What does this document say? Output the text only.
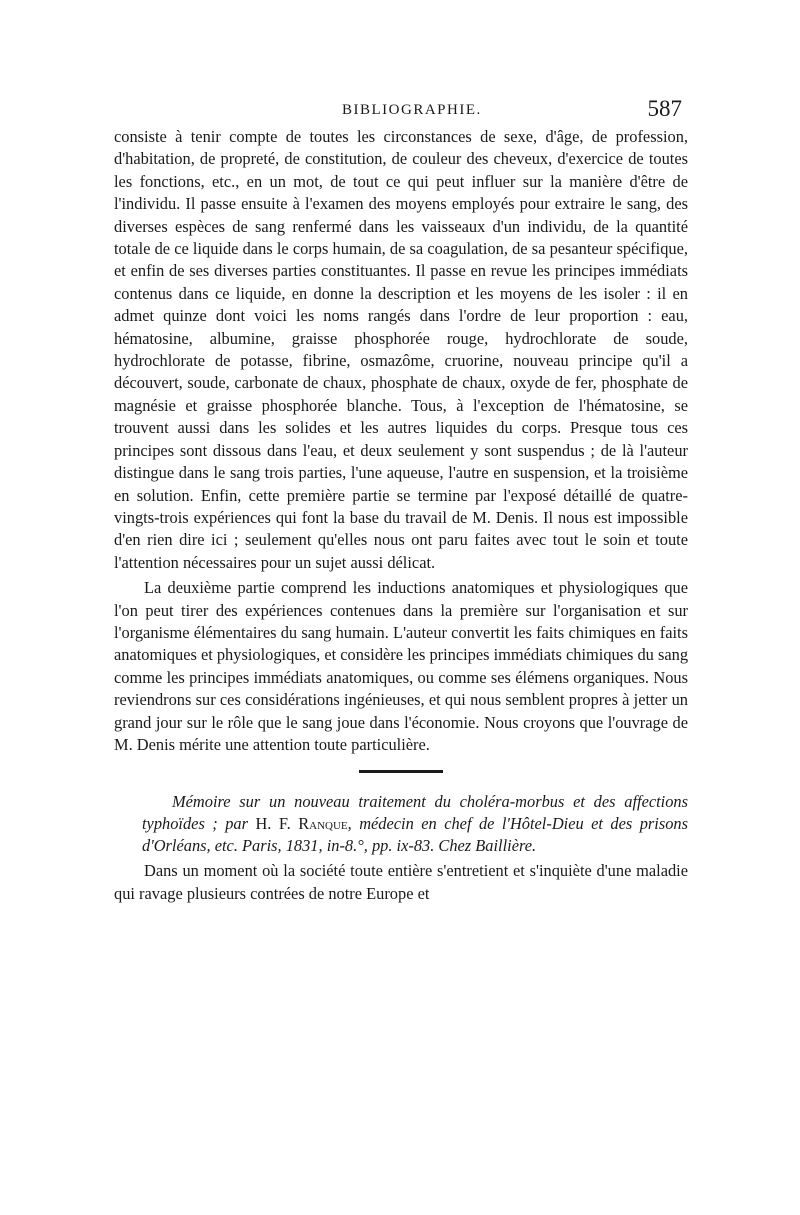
BIBLIOGRAPHIE.	587

consiste à tenir compte de toutes les circonstances de sexe, d'âge, de profession, d'habitation, de propreté, de constitution, de couleur des cheveux, d'exercice de toutes les fonctions, etc., en un mot, de tout ce qui peut influer sur la manière d'être de l'individu. Il passe ensuite à l'examen des moyens employés pour extraire le sang, des diverses espèces de sang renfermé dans les vaisseaux d'un individu, de la quantité totale de ce liquide dans le corps humain, de sa coagulation, de sa pesanteur spécifique, et enfin de ses diverses parties constituantes. Il passe en revue les principes immédiats contenus dans ce liquide, en donne la description et les moyens de les isoler : il en admet quinze dont voici les noms rangés dans l'ordre de leur proportion : eau, hématosine, albumine, graisse phosphorée rouge, hydrochlorate de soude, hydrochlorate de potasse, fibrine, osmazôme, cruorine, nouveau principe qu'il a découvert, soude, carbonate de chaux, phosphate de chaux, oxyde de fer, phosphate de magnésie et graisse phosphorée blanche. Tous, à l'exception de l'hématosine, se trouvent aussi dans les solides et les autres liquides du corps. Presque tous ces principes sont dissous dans l'eau, et deux seulement y sont suspendus ; de là l'auteur distingue dans le sang trois parties, l'une aqueuse, l'autre en suspension, et la troisième en solution. Enfin, cette première partie se termine par l'exposé détaillé de quatre-vingts-trois expériences qui font la base du travail de M. Denis. Il nous est impossible d'en rien dire ici ; seulement qu'elles nous ont paru faites avec tout le soin et toute l'attention nécessaires pour un sujet aussi délicat.

La deuxième partie comprend les inductions anatomiques et physiologiques que l'on peut tirer des expériences contenues dans la première sur l'organisation et sur l'organisme élémentaires du sang humain. L'auteur convertit les faits chimiques en faits anatomiques et physiologiques, et considère les principes immédiats chimiques du sang comme les principes immédiats anatomiques, ou comme ses élémens organiques. Nous reviendrons sur ces considérations ingénieuses, et qui nous semblent propres à jetter un grand jour sur le rôle que le sang joue dans l'économie. Nous croyons que l'ouvrage de M. Denis mérite une attention toute particulière.

Mémoire sur un nouveau traitement du choléra-morbus et des affections typhoïdes ; par H. F. Ranque, médecin en chef de l'Hôtel-Dieu et des prisons d'Orléans, etc. Paris, 1831, in-8.°, pp. ix-83. Chez Baillière.

Dans un moment où la société toute entière s'entretient et s'inquiète d'une maladie qui ravage plusieurs contrées de notre Europe et
